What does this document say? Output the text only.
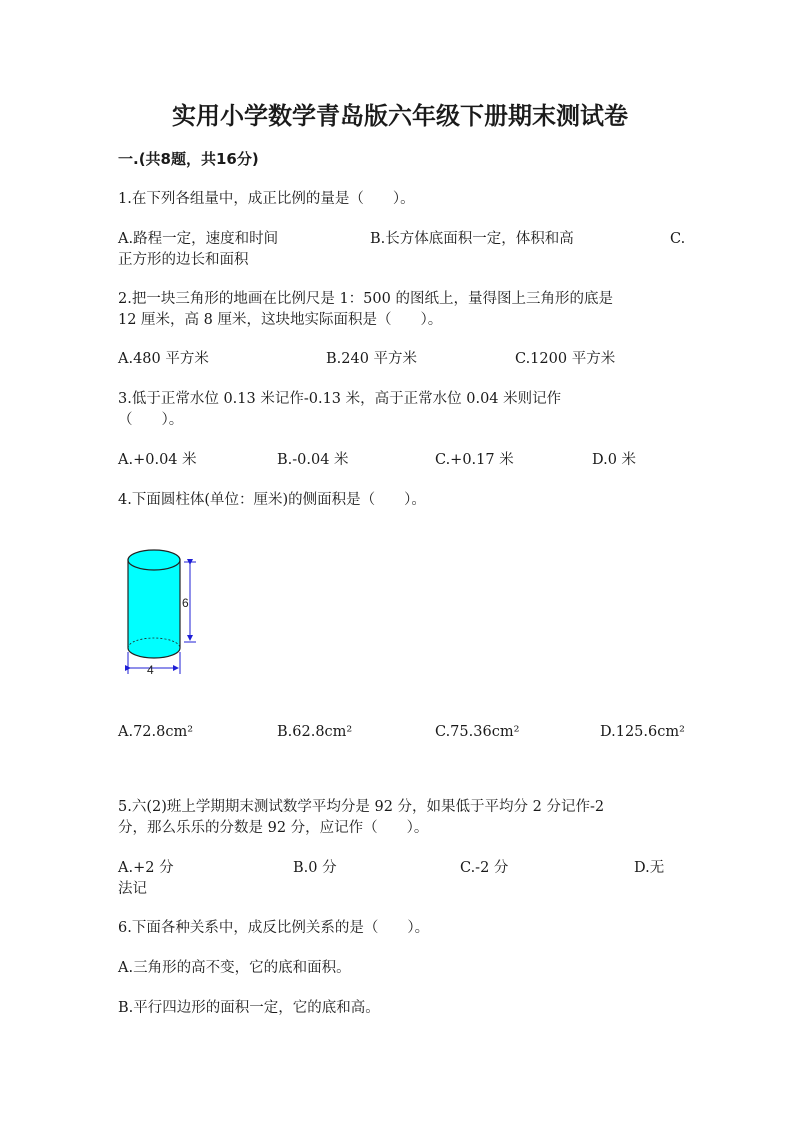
实用小学数学青岛版六年级下册期末测试卷
一.(共8题，共16分)
1.在下列各组量中，成正比例的量是（　　）。
A.路程一定，速度和时间	B.长方体底面积一定，体积和高	C.
正方形的边长和面积
2.把一块三角形的地画在比例尺是 1：500 的图纸上，量得图上三角形的底是
12 厘米，高 8 厘米，这块地实际面积是（　　）。
A.480 平方米	B.240 平方米	C.1200 平方米
3.低于正常水位 0.13 米记作-0.13 米，高于正常水位 0.04 米则记作
（　　）。
A.+0.04 米	B.-0.04 米	C.+0.17 米	D.0 米
4.下面圆柱体(单位：厘米)的侧面积是（　　）。
6
4
A.72.8cm²	B.62.8cm²	C.75.36cm²	D.125.6cm²
5.六(2)班上学期期末测试数学平均分是 92 分，如果低于平均分 2 分记作-2
分，那么乐乐的分数是 92 分，应记作（　　）。
A.+2 分	B.0 分	C.-2 分	D.无
法记
6.下面各种关系中，成反比例关系的是（　　）。
A.三角形的高不变，它的底和面积。
B.平行四边形的面积一定，它的底和高。
